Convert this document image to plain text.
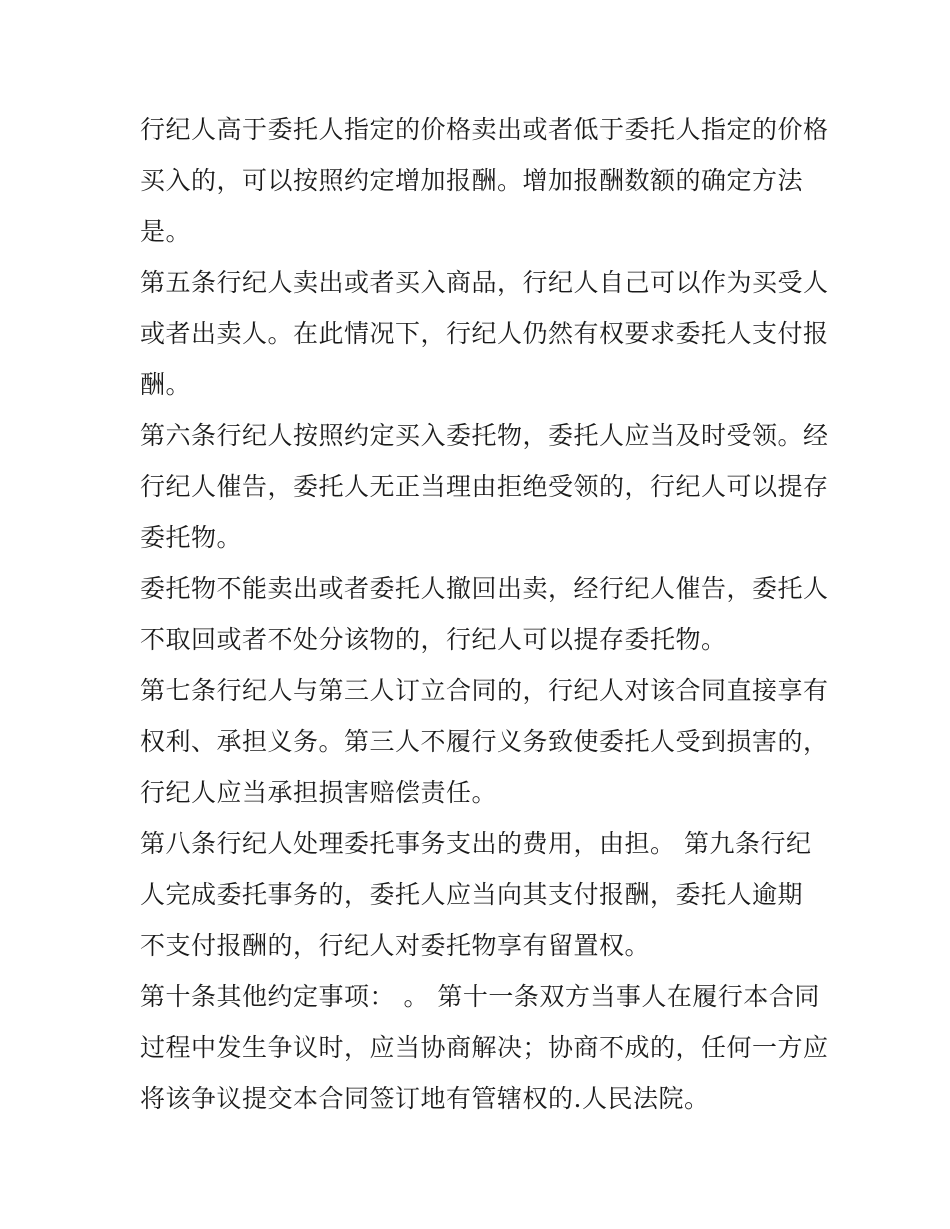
行纪人高于委托人指定的价格卖出或者低于委托人指定的价格
买入的，可以按照约定增加报酬。增加报酬数额的确定方法
是。
第五条行纪人卖出或者买入商品，行纪人自己可以作为买受人
或者出卖人。在此情况下，行纪人仍然有权要求委托人支付报
酬。
第六条行纪人按照约定买入委托物，委托人应当及时受领。经
行纪人催告，委托人无正当理由拒绝受领的，行纪人可以提存
委托物。
委托物不能卖出或者委托人撤回出卖，经行纪人催告，委托人
不取回或者不处分该物的，行纪人可以提存委托物。
第七条行纪人与第三人订立合同的，行纪人对该合同直接享有
权利、承担义务。第三人不履行义务致使委托人受到损害的，
行纪人应当承担损害赔偿责任。
第八条行纪人处理委托事务支出的费用，由担。 第九条行纪
人完成委托事务的，委托人应当向其支付报酬，委托人逾期
不支付报酬的，行纪人对委托物享有留置权。
第十条其他约定事项： 。 第十一条双方当事人在履行本合同
过程中发生争议时，应当协商解决；协商不成的，任何一方应
将该争议提交本合同签订地有管辖权的.人民法院。
